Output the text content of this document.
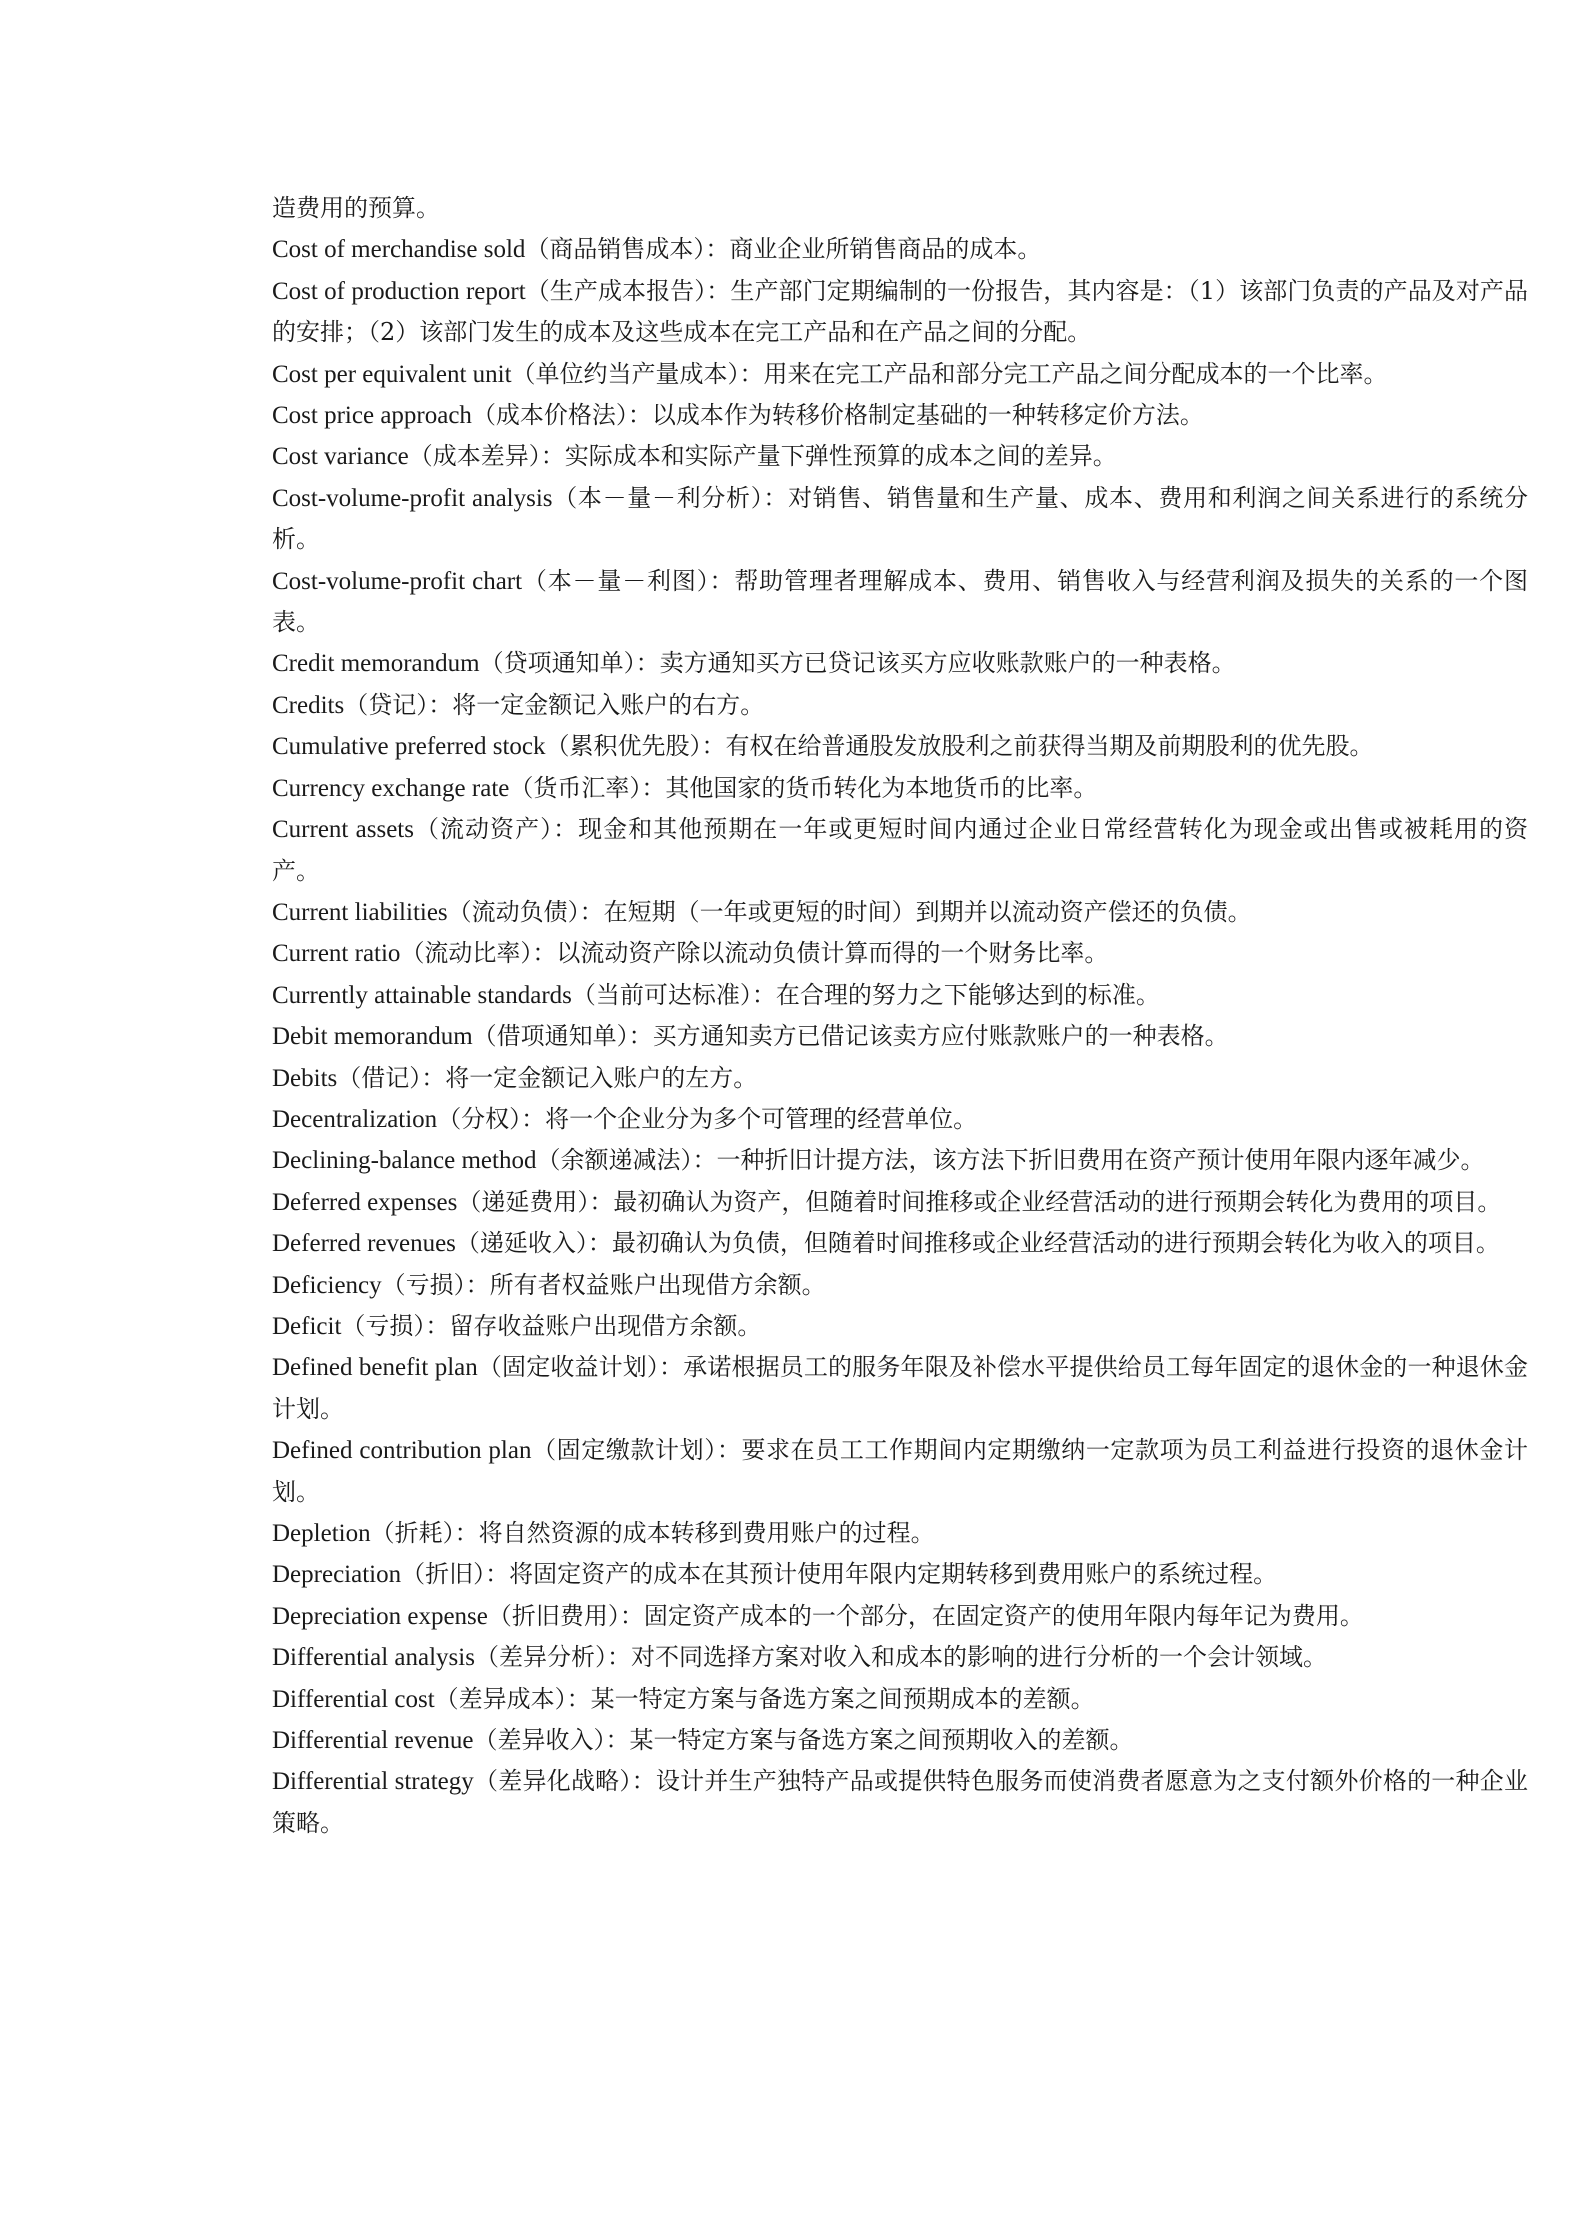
造费用的预算。

Cost of merchandise sold（商品销售成本）：商业企业所销售商品的成本。

Cost of production report（生产成本报告）：生产部门定期编制的一份报告，其内容是：（1）该部门负责的产品及对产品的安排；（2）该部门发生的成本及这些成本在完工产品和在产品之间的分配。

Cost per equivalent unit（单位约当产量成本）：用来在完工产品和部分完工产品之间分配成本的一个比率。

Cost price approach（成本价格法）：以成本作为转移价格制定基础的一种转移定价方法。

Cost variance（成本差异）：实际成本和实际产量下弹性预算的成本之间的差异。

Cost-volume-profit analysis（本－量－利分析）：对销售、销售量和生产量、成本、费用和利润之间关系进行的系统分析。

Cost-volume-profit chart（本－量－利图）：帮助管理者理解成本、费用、销售收入与经营利润及损失的关系的一个图表。

Credit memorandum（贷项通知单）：卖方通知买方已贷记该买方应收账款账户的一种表格。

Credits（贷记）：将一定金额记入账户的右方。

Cumulative preferred stock（累积优先股）：有权在给普通股发放股利之前获得当期及前期股利的优先股。

Currency exchange rate（货币汇率）：其他国家的货币转化为本地货币的比率。

Current assets（流动资产）：现金和其他预期在一年或更短时间内通过企业日常经营转化为现金或出售或被耗用的资产。

Current liabilities（流动负债）：在短期（一年或更短的时间）到期并以流动资产偿还的负债。

Current ratio（流动比率）：以流动资产除以流动负债计算而得的一个财务比率。

Currently attainable standards（当前可达标准）：在合理的努力之下能够达到的标准。

Debit memorandum（借项通知单）：买方通知卖方已借记该卖方应付账款账户的一种表格。

Debits（借记）：将一定金额记入账户的左方。

Decentralization（分权）：将一个企业分为多个可管理的经营单位。

Declining-balance method（余额递减法）：一种折旧计提方法，该方法下折旧费用在资产预计使用年限内逐年减少。

Deferred expenses（递延费用）：最初确认为资产，但随着时间推移或企业经营活动的进行预期会转化为费用的项目。

Deferred revenues（递延收入）：最初确认为负债，但随着时间推移或企业经营活动的进行预期会转化为收入的项目。

Deficiency（亏损）：所有者权益账户出现借方余额。

Deficit（亏损）：留存收益账户出现借方余额。

Defined benefit plan（固定收益计划）：承诺根据员工的服务年限及补偿水平提供给员工每年固定的退休金的一种退休金计划。

Defined contribution plan（固定缴款计划）：要求在员工工作期间内定期缴纳一定款项为员工利益进行投资的退休金计划。

Depletion（折耗）：将自然资源的成本转移到费用账户的过程。

Depreciation（折旧）：将固定资产的成本在其预计使用年限内定期转移到费用账户的系统过程。

Depreciation expense（折旧费用）：固定资产成本的一个部分，在固定资产的使用年限内每年记为费用。

Differential analysis（差异分析）：对不同选择方案对收入和成本的影响的进行分析的一个会计领域。

Differential cost（差异成本）：某一特定方案与备选方案之间预期成本的差额。

Differential revenue（差异收入）：某一特定方案与备选方案之间预期收入的差额。

Differential strategy（差异化战略）：设计并生产独特产品或提供特色服务而使消费者愿意为之支付额外价格的一种企业策略。
